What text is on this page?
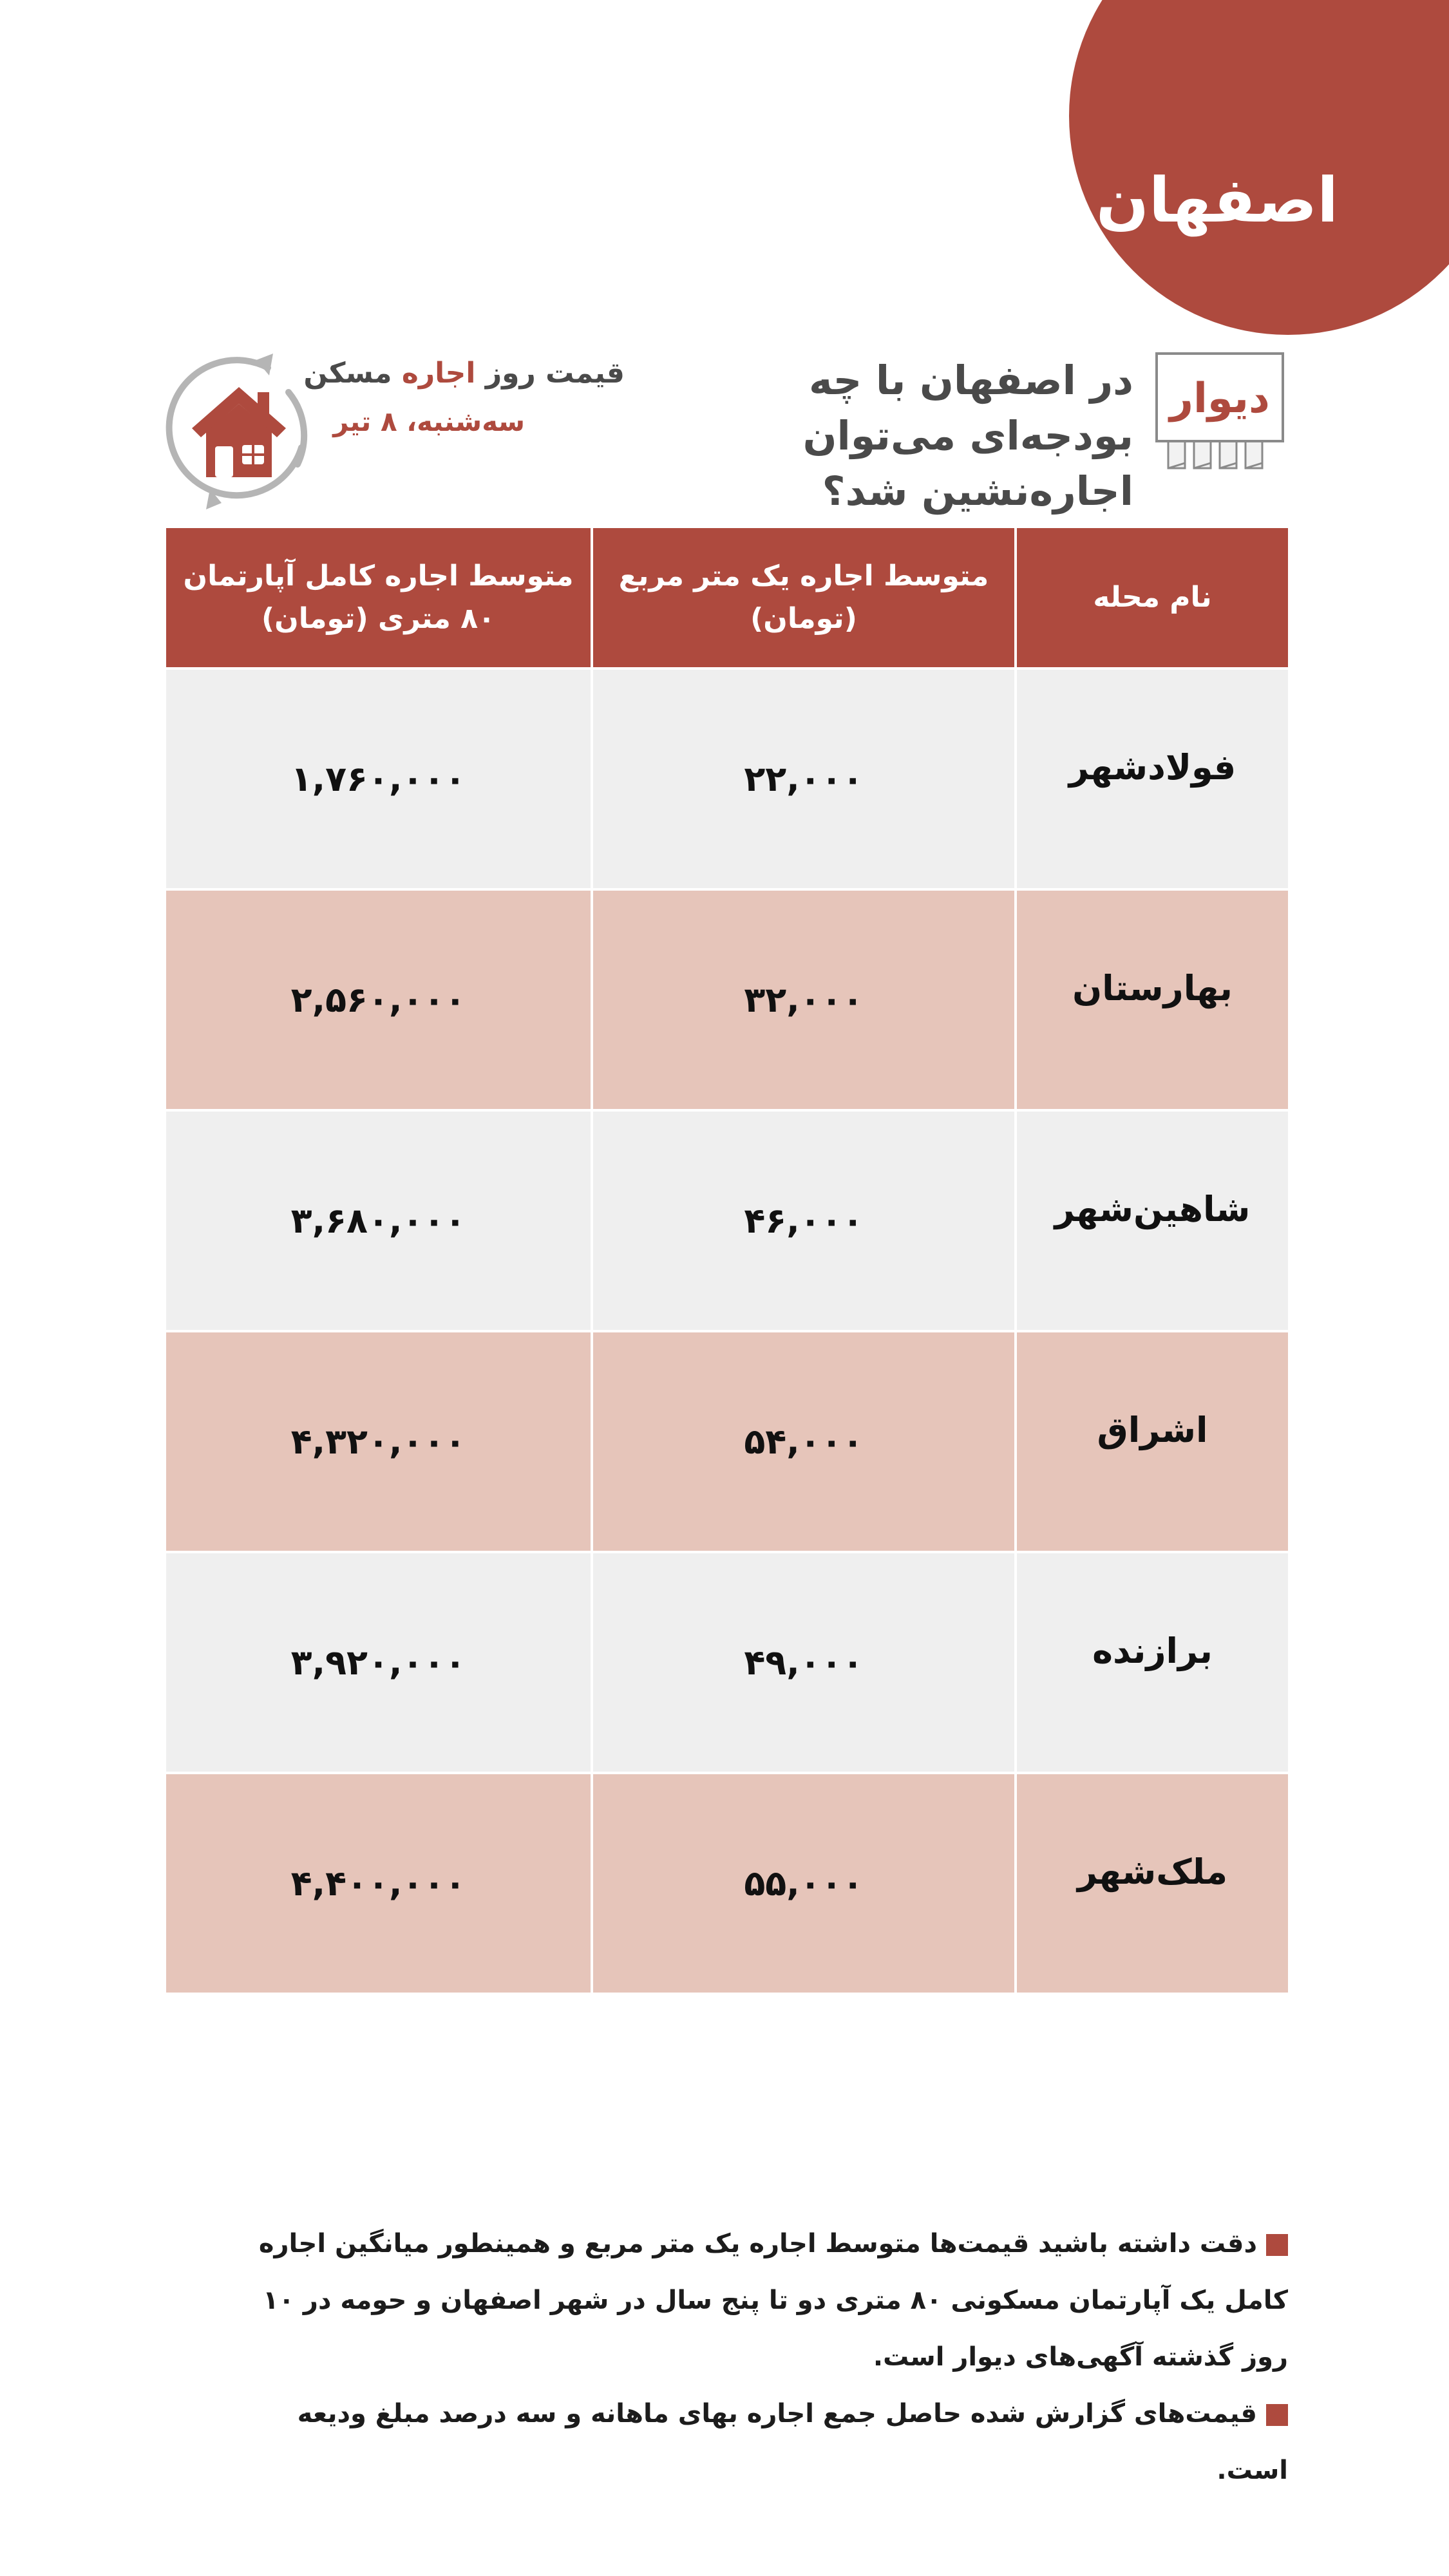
اصفهان
دیوار
در اصفهان با چه
بودجه‌ای می‌توان
اجاره‌نشین شد؟
قیمت روز اجاره مسکن
سه‌شنبه، ۸ تیر
نام محله
متوسط اجاره یک متر مربع
(تومان)
متوسط اجاره کامل آپارتمان
۸۰ متری (تومان)
فولادشهر
۲۲,۰۰۰
۱,۷۶۰,۰۰۰
بهارستان
۳۲,۰۰۰
۲,۵۶۰,۰۰۰
شاهین‌شهر
۴۶,۰۰۰
۳,۶۸۰,۰۰۰
اشراق
۵۴,۰۰۰
۴,۳۲۰,۰۰۰
برازنده
۴۹,۰۰۰
۳,۹۲۰,۰۰۰
ملک‌شهر
۵۵,۰۰۰
۴,۴۰۰,۰۰۰

دقت داشته باشید قیمت‌ها متوسط اجاره یک متر مربع و همینطور میانگین اجاره کامل یک آپارتمان مسکونی ۸۰ متری دو تا پنج سال در شهر اصفهان و حومه در ۱۰ روز گذشته آگهی‌های دیوار است.

قیمت‌های گزارش شده حاصل جمع اجاره بهای ماهانه و سه درصد مبلغ ودیعه است.
